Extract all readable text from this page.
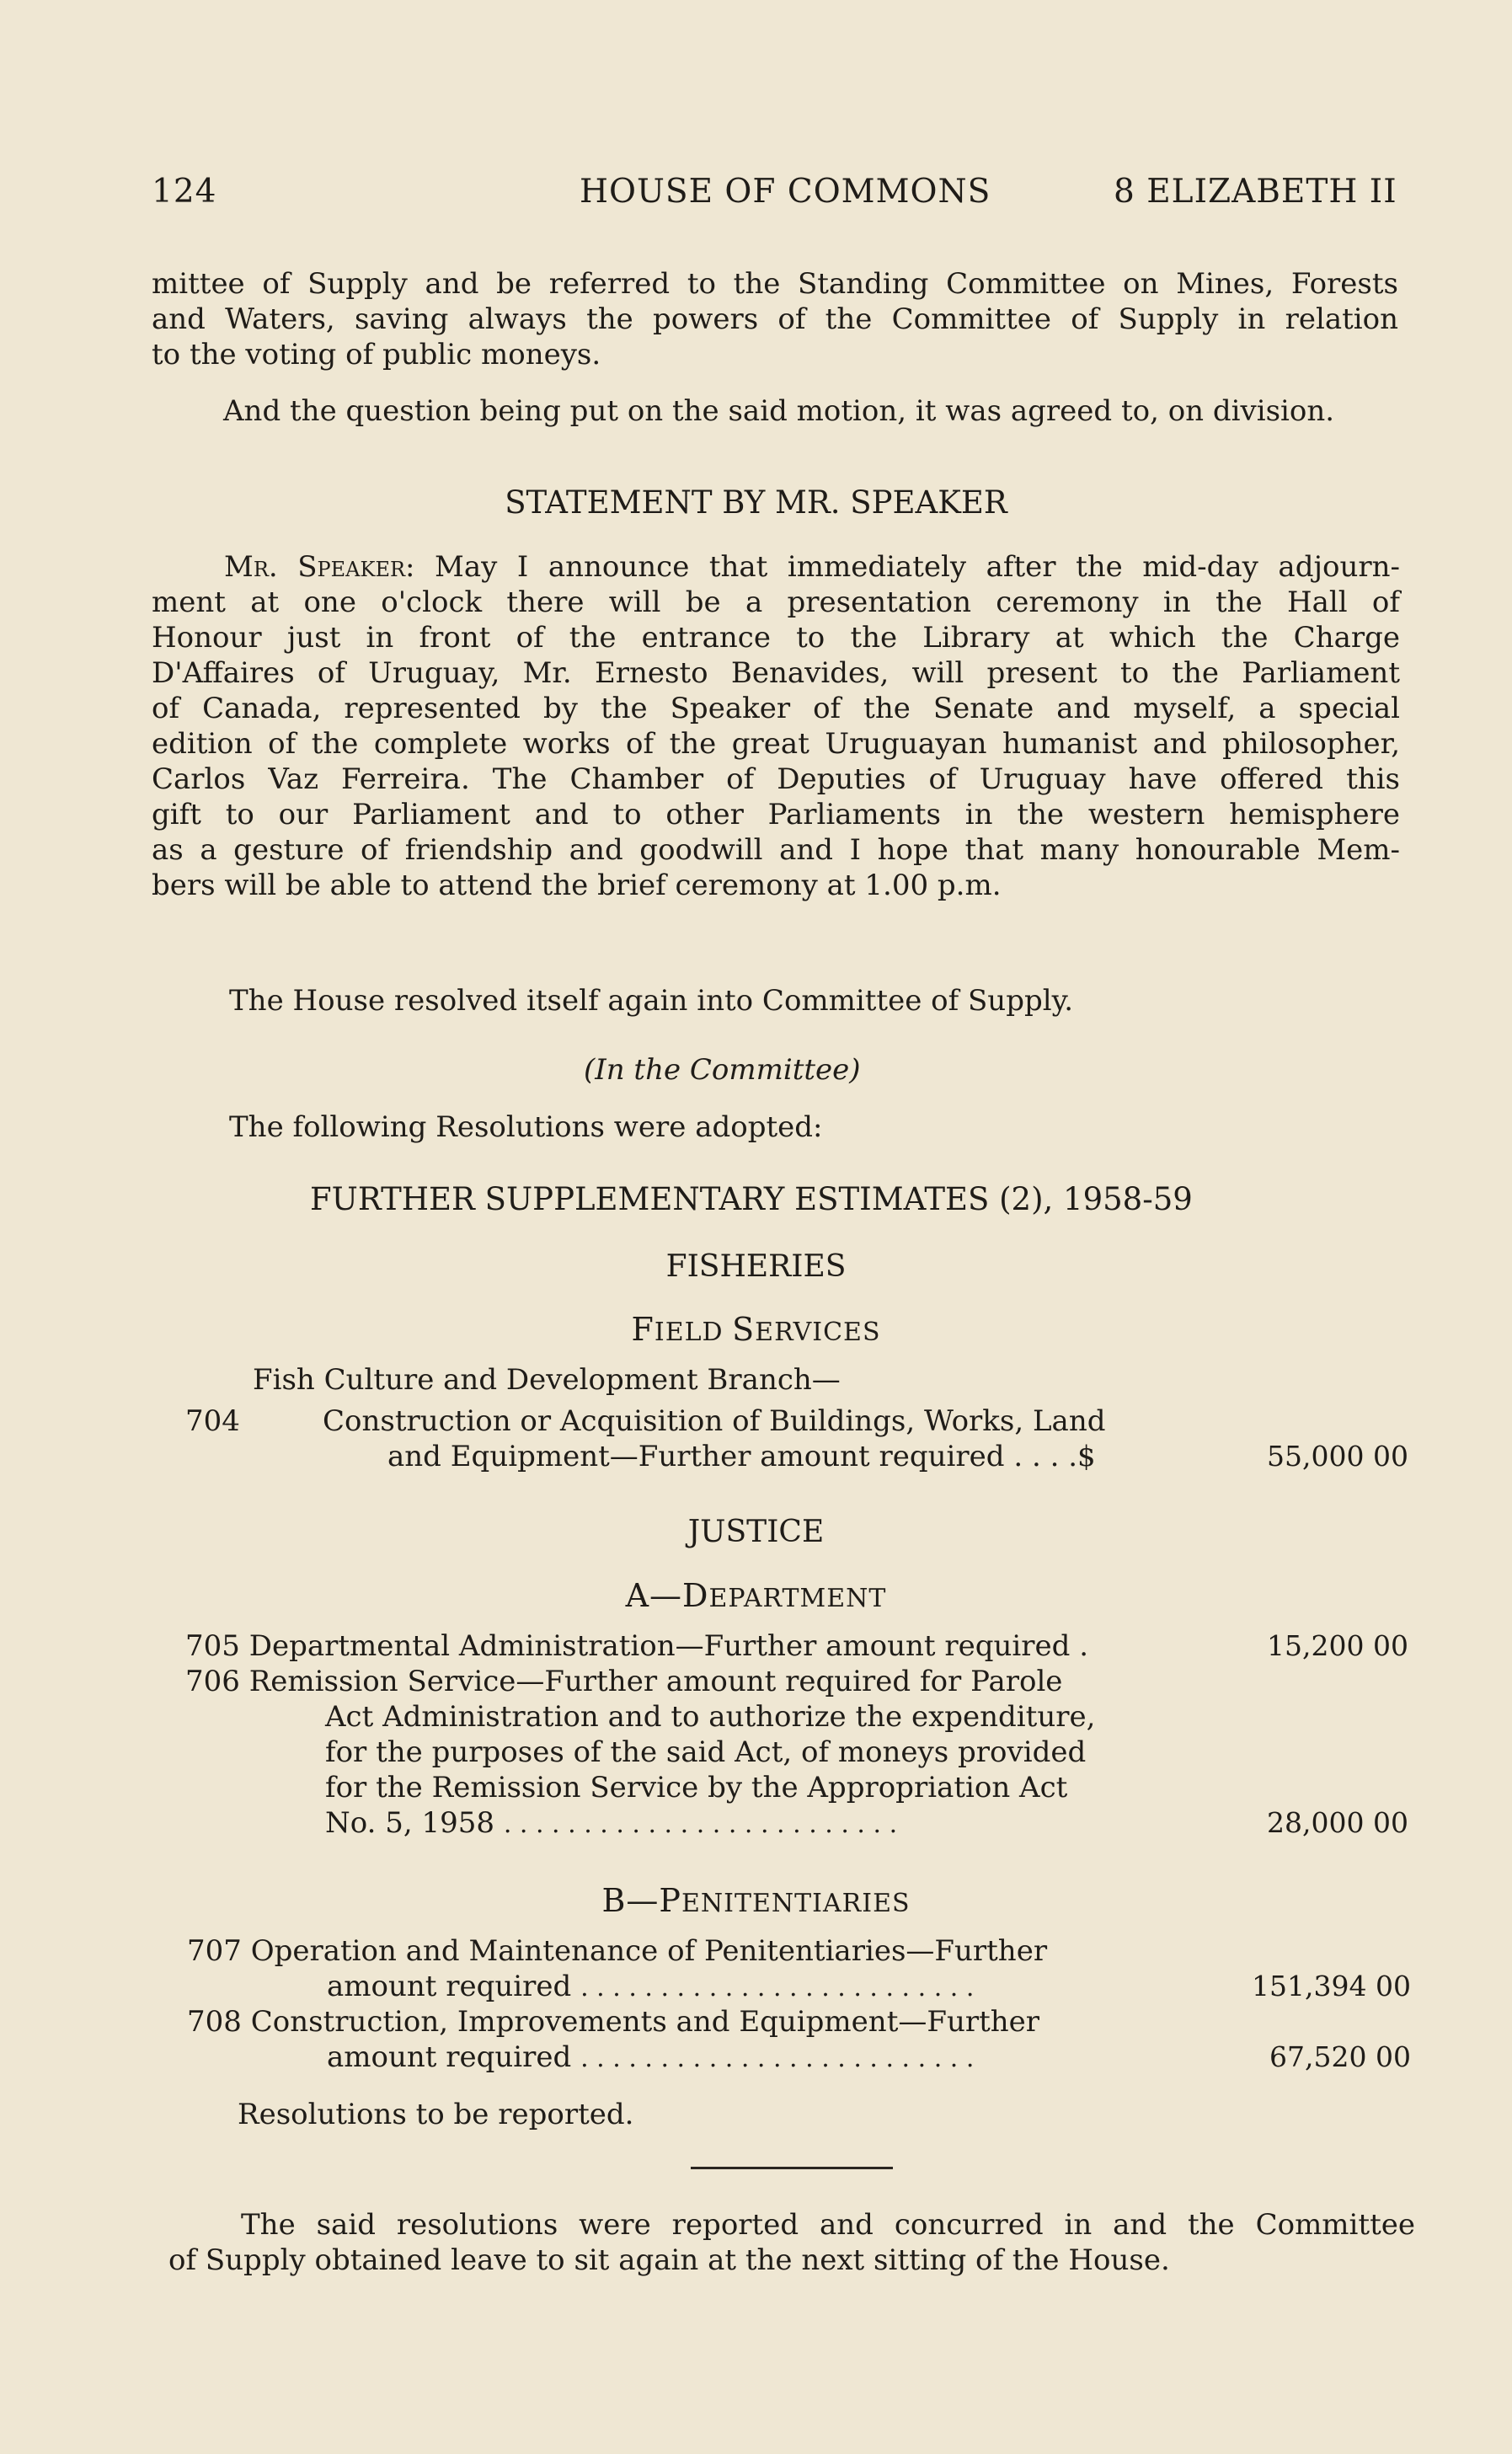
124	HOUSE OF COMMONS	8 ELIZABETH II

mittee of Supply and be referred to the Standing Committee on Mines, Forests

and Waters, saving always the powers of the Committee of Supply in relation

to the voting of public moneys.

And the question being put on the said motion, it was agreed to, on division.
STATEMENT BY MR. SPEAKER

Mr. Speaker: May I announce that immediately after the mid-day adjourn-

ment at one o'clock there will be a presentation ceremony in the Hall of

Honour just in front of the entrance to the Library at which the Charge

D'Affaires of Uruguay, Mr. Ernesto Benavides, will present to the Parliament

of Canada, represented by the Speaker of the Senate and myself, a special

edition of the complete works of the great Uruguayan humanist and philosopher,

Carlos Vaz Ferreira. The Chamber of Deputies of Uruguay have offered this

gift to our Parliament and to other Parliaments in the western hemisphere

as a gesture of friendship and goodwill and I hope that many honourable Mem-

bers will be able to attend the brief ceremony at 1.00 p.m.

The House resolved itself again into Committee of Supply.
(In the Committee)
The following Resolutions were adopted:
FURTHER SUPPLEMENTARY ESTIMATES (2), 1958-59
FISHERIES
FIELD SERVICES
Fish Culture and Development Branch—
704	Construction or Acquisition of Buildings, Works, Land
and Equipment—Further amount required . . . .$	55,000 00
JUSTICE
A—DEPARTMENT
705 Departmental Administration—Further amount required .	15,200 00
706 Remission Service—Further amount required for Parole
Act Administration and to authorize the expenditure,
for the purposes of the said Act, of moneys provided
for the Remission Service by the Appropriation Act
No. 5, 1958 . . . . . . . . . . . . . . . . . . . . . . . . .	28,000 00
B—PENITENTIARIES
707 Operation and Maintenance of Penitentiaries—Further
amount required . . . . . . . . . . . . . . . . . . . . . . . . .	151,394 00
708 Construction, Improvements and Equipment—Further
amount required . . . . . . . . . . . . . . . . . . . . . . . . .	67,520 00
Resolutions to be reported.

The said resolutions were reported and concurred in and the Committee

of Supply obtained leave to sit again at the next sitting of the House.
